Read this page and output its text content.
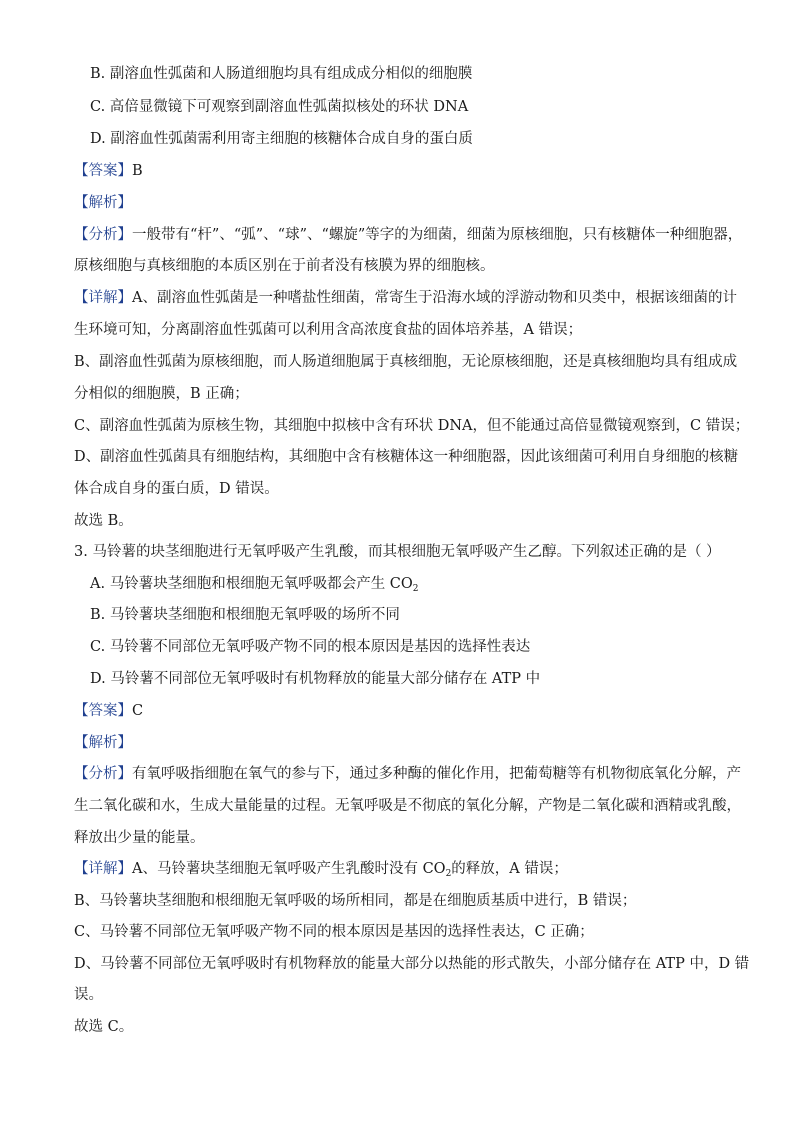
B. 副溶血性弧菌和人肠道细胞均具有组成成分相似的细胞膜
C. 高倍显微镜下可观察到副溶血性弧菌拟核处的环状 DNA
D. 副溶血性弧菌需利用寄主细胞的核糖体合成自身的蛋白质
【答案】B
【解析】
【分析】一般带有“杆”、“弧”、“球”、“螺旋”等字的为细菌，细菌为原核细胞，只有核糖体一种细胞器，
原核细胞与真核细胞的本质区别在于前者没有核膜为界的细胞核。
【详解】A、副溶血性弧菌是一种嗜盐性细菌，常寄生于沿海水域的浮游动物和贝类中，根据该细菌的计
生环境可知，分离副溶血性弧菌可以利用含高浓度食盐的固体培养基，A 错误；
B、副溶血性弧菌为原核细胞，而人肠道细胞属于真核细胞，无论原核细胞，还是真核细胞均具有组成成
分相似的细胞膜，B 正确；
C、副溶血性弧菌为原核生物，其细胞中拟核中含有环状 DNA，但不能通过高倍显微镜观察到，C 错误；
D、副溶血性弧菌具有细胞结构，其细胞中含有核糖体这一种细胞器，因此该细菌可利用自身细胞的核糖
体合成自身的蛋白质，D 错误。
故选 B。
3. 马铃薯的块茎细胞进行无氧呼吸产生乳酸，而其根细胞无氧呼吸产生乙醇。下列叙述正确的是（ ）
A. 马铃薯块茎细胞和根细胞无氧呼吸都会产生 $CO_2$
B. 马铃薯块茎细胞和根细胞无氧呼吸的场所不同
C. 马铃薯不同部位无氧呼吸产物不同的根本原因是基因的选择性表达
D. 马铃薯不同部位无氧呼吸时有机物释放的能量大部分储存在 ATP 中
【答案】C
【解析】
【分析】有氧呼吸指细胞在氧气的参与下，通过多种酶的催化作用，把葡萄糖等有机物彻底氧化分解，产
生二氧化碳和水，生成大量能量的过程。无氧呼吸是不彻底的氧化分解，产物是二氧化碳和酒精或乳酸，
释放出少量的能量。
【详解】A、马铃薯块茎细胞无氧呼吸产生乳酸时没有 $CO_2$的释放，A 错误；
B、马铃薯块茎细胞和根细胞无氧呼吸的场所相同，都是在细胞质基质中进行，B 错误；
C、马铃薯不同部位无氧呼吸产物不同的根本原因是基因的选择性表达，C 正确；
D、马铃薯不同部位无氧呼吸时有机物释放的能量大部分以热能的形式散失，小部分储存在 ATP 中，D 错
误。
故选 C。
